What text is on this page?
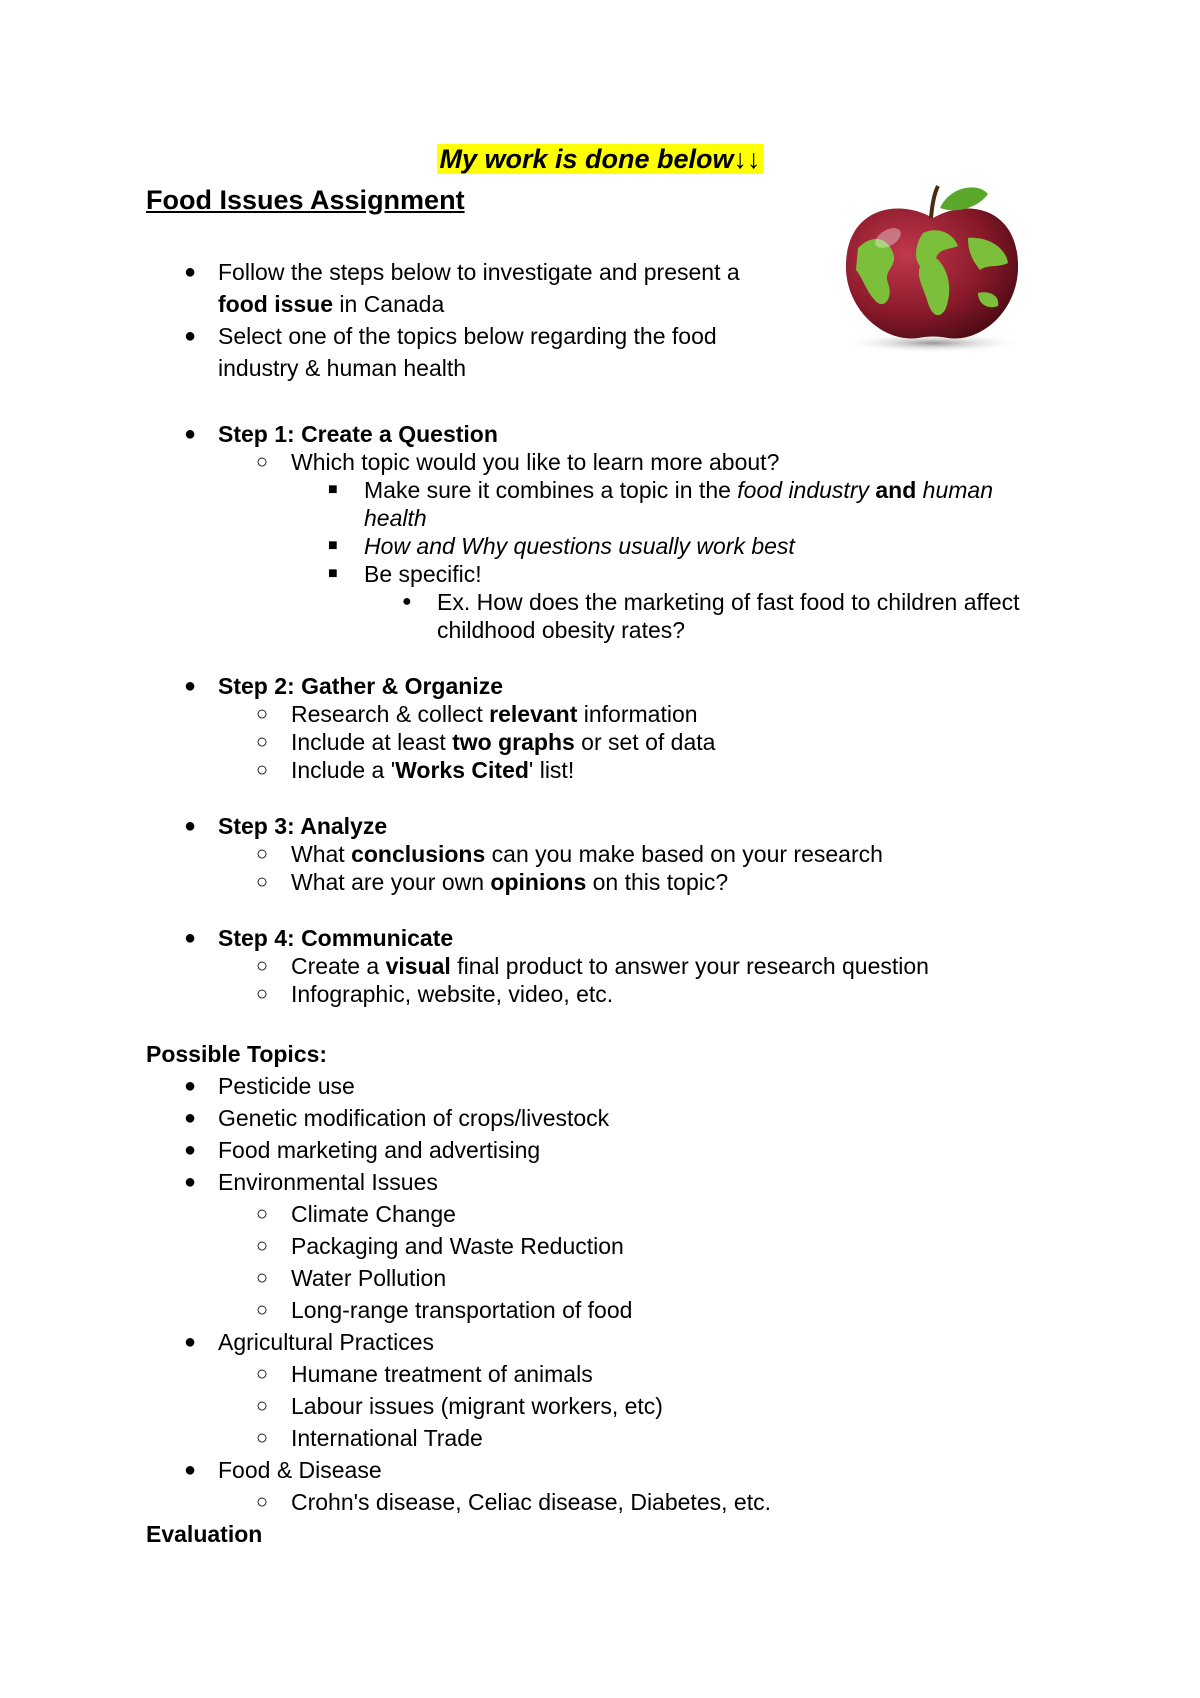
My work is done below↓↓
Food Issues Assignment
● Follow the steps below to investigate and present a
food issue in Canada
● Select one of the topics below regarding the food
industry & human health
● Step 1: Create a Question
○ Which topic would you like to learn more about?
■ Make sure it combines a topic in the food industry and human
health
■ How and Why questions usually work best
■ Be specific!
● Ex. How does the marketing of fast food to children affect
childhood obesity rates?
● Step 2: Gather & Organize
○ Research & collect relevant information
○ Include at least two graphs or set of data
○ Include a 'Works Cited' list!
● Step 3: Analyze
○ What conclusions can you make based on your research
○ What are your own opinions on this topic?
● Step 4: Communicate
○ Create a visual final product to answer your research question
○ Infographic, website, video, etc.
Possible Topics:
● Pesticide use
● Genetic modification of crops/livestock
● Food marketing and advertising
● Environmental Issues
○ Climate Change
○ Packaging and Waste Reduction
○ Water Pollution
○ Long-range transportation of food
● Agricultural Practices
○ Humane treatment of animals
○ Labour issues (migrant workers, etc)
○ International Trade
● Food & Disease
○ Crohn's disease, Celiac disease, Diabetes, etc.
Evaluation
